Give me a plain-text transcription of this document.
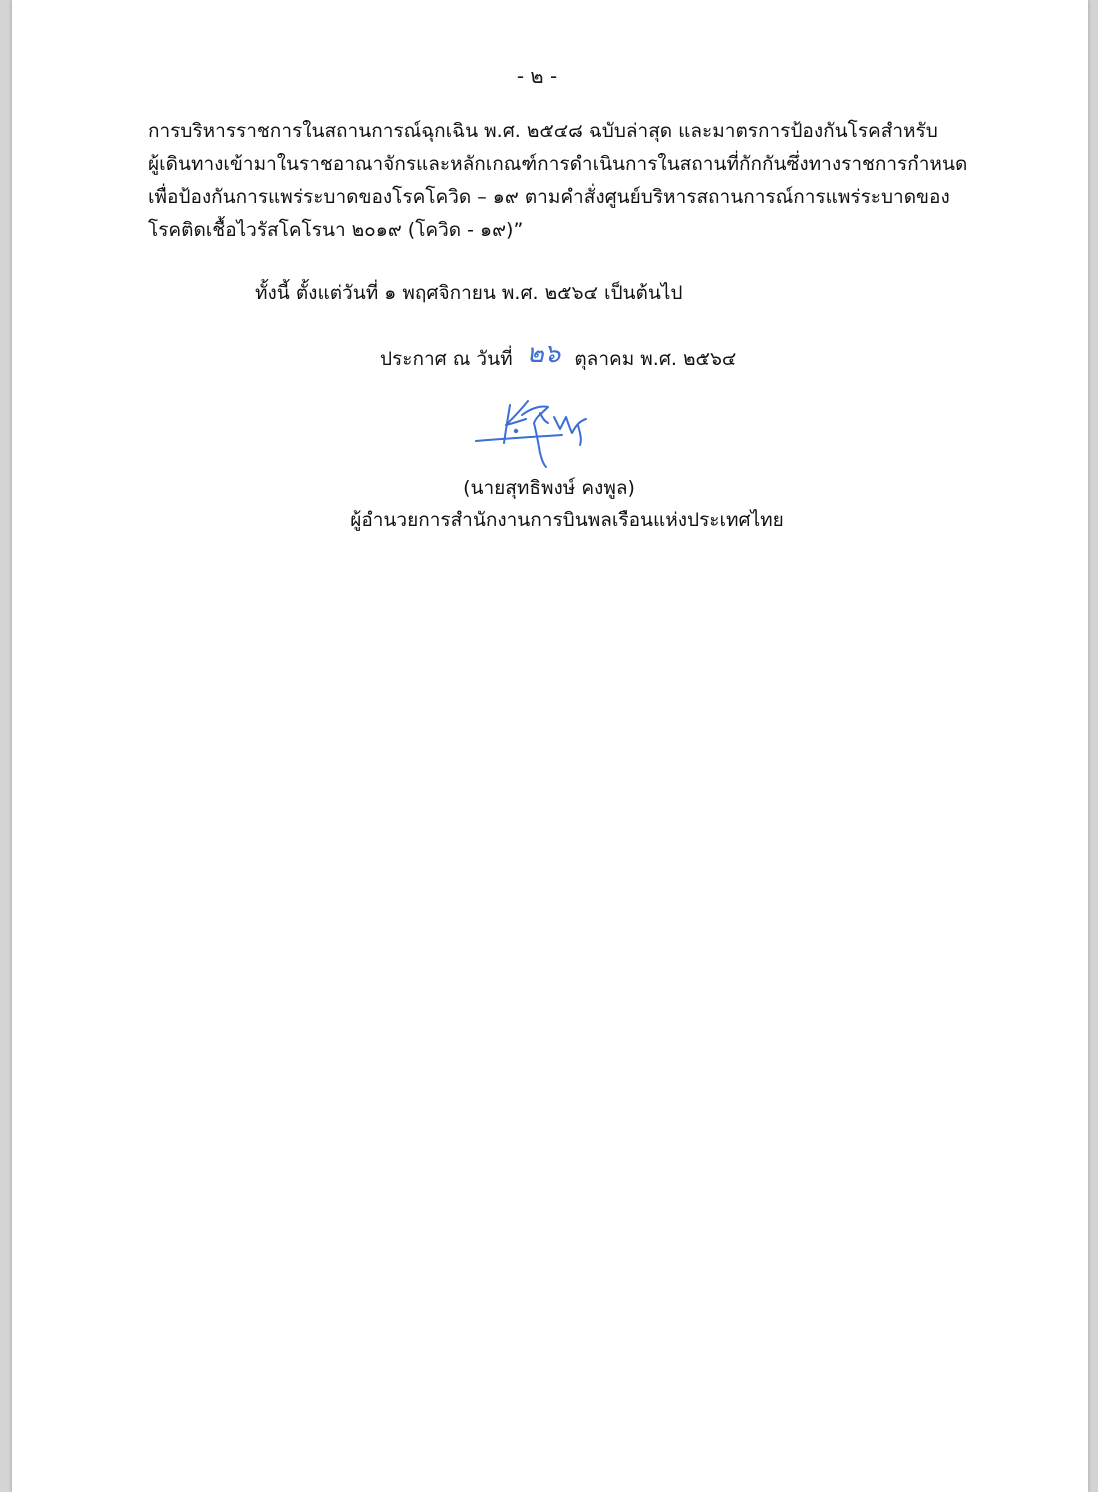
- ๒ -
การบริหารราชการในสถานการณ์ฉุกเฉิน พ.ศ. ๒๕๔๘ ฉบับล่าสุด และมาตรการป้องกันโรคสำหรับ
ผู้เดินทางเข้ามาในราชอาณาจักรและหลักเกณฑ์การดำเนินการในสถานที่กักกันซึ่งทางราชการกำหนด
เพื่อป้องกันการแพร่ระบาดของโรคโควิด – ๑๙ ตามคำสั่งศูนย์บริหารสถานการณ์การแพร่ระบาดของ
โรคติดเชื้อไวรัสโคโรนา ๒๐๑๙ (โควิด - ๑๙)”
ทั้งนี้ ตั้งแต่วันที่ ๑ พฤศจิกายน พ.ศ. ๒๕๖๔ เป็นต้นไป
ประกาศ ณ วันที่ ๒๖ ตุลาคม พ.ศ. ๒๕๖๔
(นายสุทธิพงษ์ คงพูล)
ผู้อำนวยการสำนักงานการบินพลเรือนแห่งประเทศไทย
